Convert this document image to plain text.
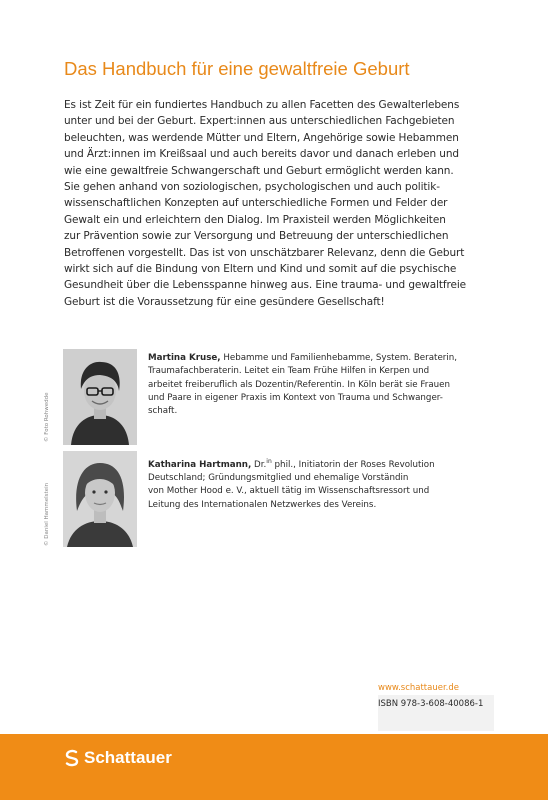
Das Handbuch für eine gewaltfreie Geburt
Es ist Zeit für ein fundiertes Handbuch zu allen Facetten des Gewalterlebens
unter und bei der Geburt. Expert:innen aus unterschiedlichen Fachgebieten
beleuchten, was werdende Mütter und Eltern, Angehörige sowie Hebammen
und Ärzt:innen im Kreißsaal und auch bereits davor und danach erleben und
wie eine gewaltfreie Schwangerschaft und Geburt ermöglicht werden kann.
Sie gehen anhand von soziologischen, psychologischen und auch politik-
wissenschaftlichen Konzepten auf unterschiedliche Formen und Felder der
Gewalt ein und erleichtern den Dialog. Im Praxisteil werden Möglichkeiten
zur Prävention sowie zur Versorgung und Betreuung der unterschiedlichen
Betroffenen vorgestellt. Das ist von unschätzbarer Relevanz, denn die Geburt
wirkt sich auf die Bindung von Eltern und Kind und somit auf die psychische
Gesundheit über die Lebensspanne hinweg aus. Eine trauma- und gewaltfreie
Geburt ist die Voraussetzung für eine gesündere Gesellschaft!
© Foto Rohwedde
Martina Kruse, Hebamme und Familienhebamme, System. Beraterin,
Traumafachberaterin. Leitet ein Team Frühe Hilfen in Kerpen und
arbeitet freiberuflich als Dozentin/Referentin. In Köln berät sie Frauen
und Paare in eigener Praxis im Kontext von Trauma und Schwanger-
schaft.
© Daniel Hammelstein
Katharina Hartmann, Dr.$^{in}$ phil., Initiatorin der Roses Revolution
Deutschland; Gründungsmitglied und ehemalige Vorständin
von Mother Hood e. V., aktuell tätig im Wissenschaftsressort und
Leitung des Internationalen Netzwerkes des Vereins.
www.schattauer.de
ISBN 978-3-608-40086-1
Schattauer
